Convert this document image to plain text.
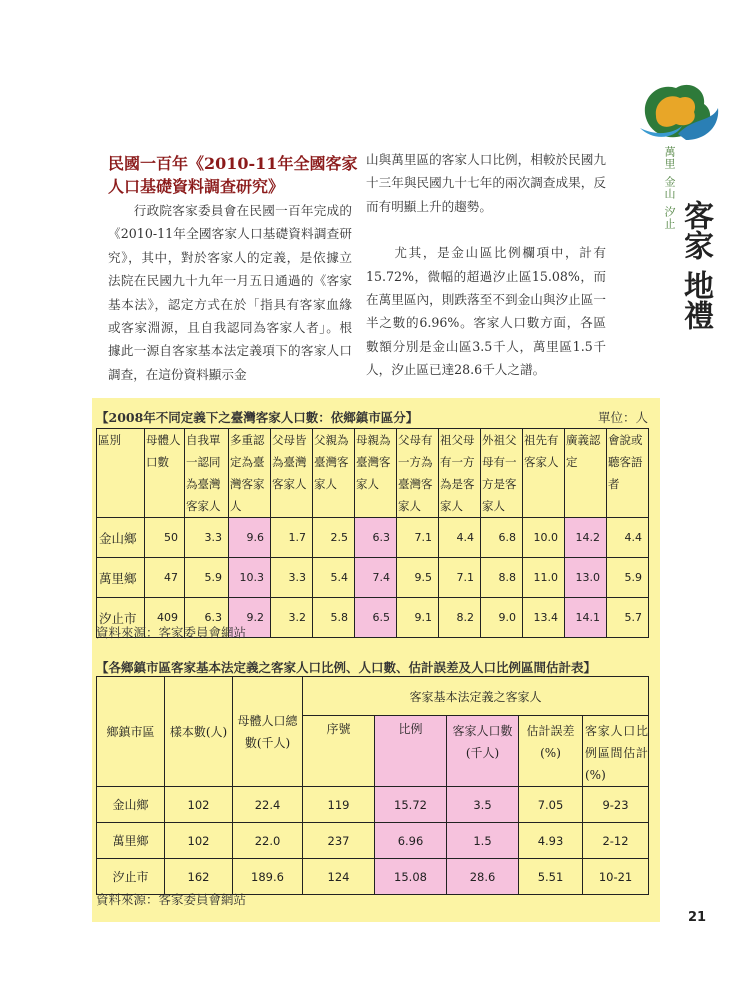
萬里
金山
汐止 客家
地禮
民國一百年《2010-11年全國客家人口基礎資料調查研究》
　　行政院客家委員會在民國一百年完成的《2010-11年全國客家人口基礎資料調查研究》，其中，對於客家人的定義，是依據立法院在民國九十九年一月五日通過的《客家基本法》，認定方式在於「指具有客家血緣或客家淵源，且自我認同為客家人者」。根據此一源自客家基本法定義項下的客家人口調查，在這份資料顯示金

山與萬里區的客家人口比例，相較於民國九十三年與民國九十七年的兩次調查成果，反而有明顯上升的趨勢。

　　尤其，是金山區比例欄項中，計有15.72%，微幅的超過汐止區15.08%，而在萬里區內，則跌落至不到金山與汐止區一半之數的6.96%。客家人口數方面，各區數額分別是金山區3.5千人，萬里區1.5千人，汐止區已達28.6千人之譜。

【2008年不同定義下之臺灣客家人口數：依鄉鎮市區分】	單位：人
區別	母體人口數	自我單一認同為臺灣客家人	多重認定為臺灣客家人	父母皆為臺灣客家人	父親為臺灣客家人	母親為臺灣客家人	父母有一方為臺灣客家人	祖父母有一方為是客家人	外祖父母有一方是客家人	祖先有客家人	廣義認定	會說或聽客語者
金山鄉	50	3.3	9.6	1.7	2.5	6.3	7.1	4.4	6.8	10.0	14.2	4.4
萬里鄉	47	5.9	10.3	3.3	5.4	7.4	9.5	7.1	8.8	11.0	13.0	5.9
汐止市	409	6.3	9.2	3.2	5.8	6.5	9.1	8.2	9.0	13.4	14.1	5.7
資料來源：客家委員會網站
【各鄉鎮市區客家基本法定義之客家人口比例、人口數、估計誤差及人口比例區間估計表】
鄉鎮市區	樣本數(人)	母體人口總數(千人)	客家基本法定義之客家人				
			序號	比例	客家人口數(千人)	估計誤差(%)	客家人口比例區間估計(%)
金山鄉	102	22.4	119	15.72	3.5	7.05	9-23
萬里鄉	102	22.0	237	6.96	1.5	4.93	2-12
汐止市	162	189.6	124	15.08	28.6	5.51	10-21
資料來源：客家委員會網站
21
